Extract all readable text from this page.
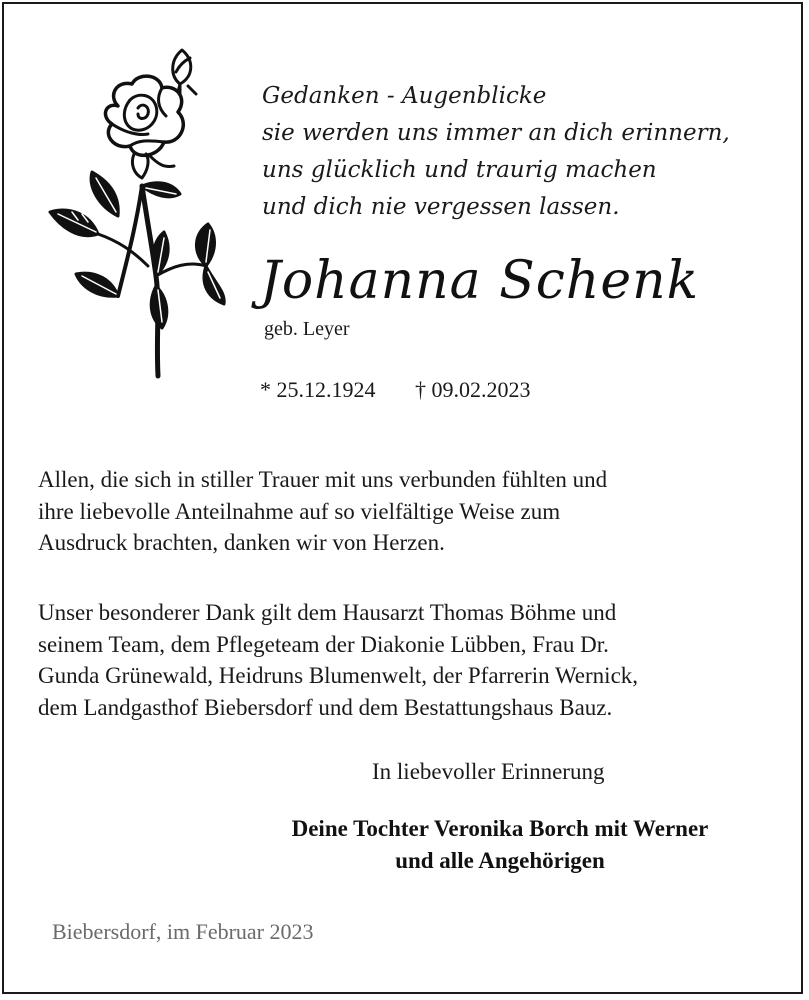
Gedanken - Augenblicke
sie werden uns immer an dich erinnern,
uns glücklich und traurig machen
und dich nie vergessen lassen.
Johanna Schenk
geb. Leyer
* 25.12.1924 † 09.02.2023
Allen, die sich in stiller Trauer mit uns verbunden fühlten und
ihre liebevolle Anteilnahme auf so vielfältige Weise zum
Ausdruck brachten, danken wir von Herzen.
Unser besonderer Dank gilt dem Hausarzt Thomas Böhme und
seinem Team, dem Pflegeteam der Diakonie Lübben, Frau Dr.
Gunda Grünewald, Heidruns Blumenwelt, der Pfarrerin Wernick,
dem Landgasthof Biebersdorf und dem Bestattungshaus Bauz.
In liebevoller Erinnerung
Deine Tochter Veronika Borch mit Werner
und alle Angehörigen
Biebersdorf, im Februar 2023
